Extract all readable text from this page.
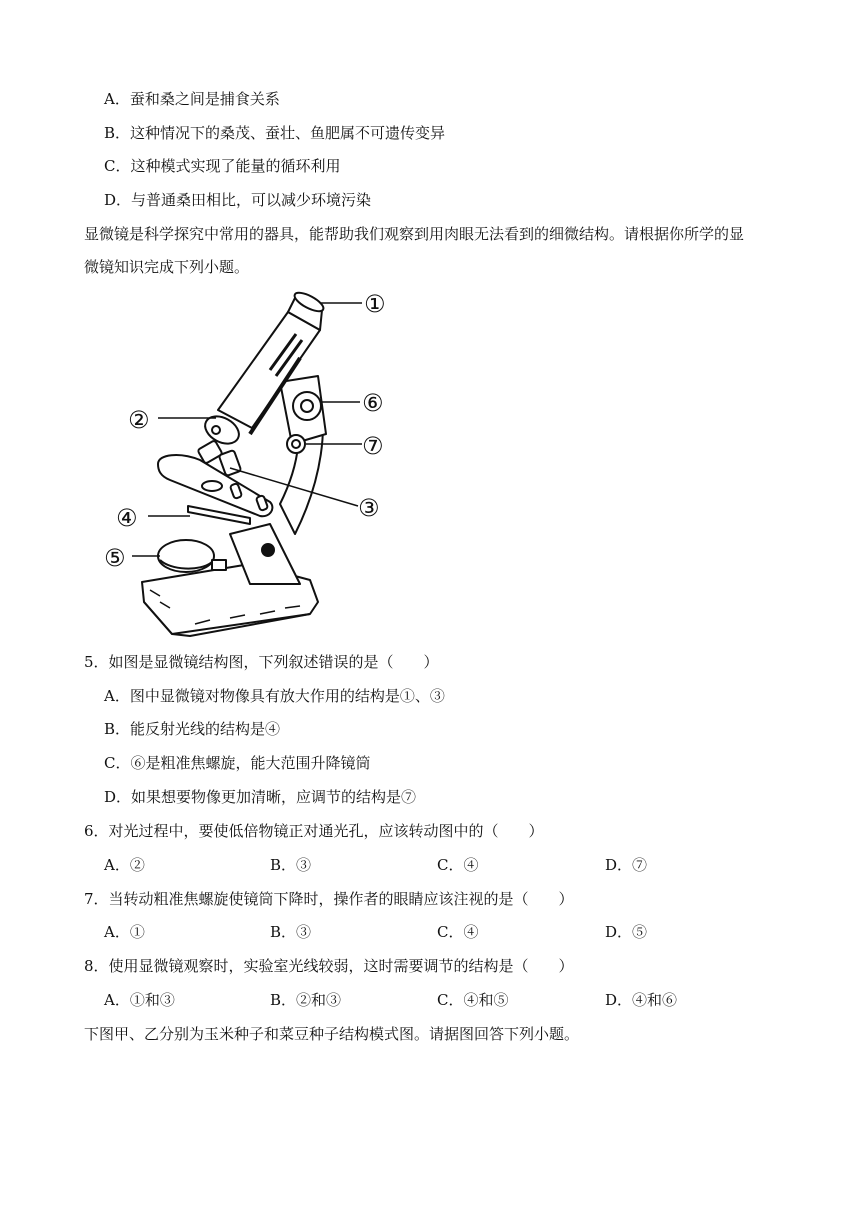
A．蚕和桑之间是捕食关系
B．这种情况下的桑茂、蚕壮、鱼肥属不可遗传变异
C．这种模式实现了能量的循环利用
D．与普通桑田相比，可以减少环境污染
显微镜是科学探究中常用的器具，能帮助我们观察到用肉眼无法看到的细微结构。请根据你所学的显
微镜知识完成下列小题。
①
②
③
④
⑤
⑥
⑦
5．如图是显微镜结构图，下列叙述错误的是（　　）
A．图中显微镜对物像具有放大作用的结构是①、③
B．能反射光线的结构是④
C．⑥是粗准焦螺旋，能大范围升降镜筒
D．如果想要物像更加清晰，应调节的结构是⑦
6．对光过程中，要使低倍物镜正对通光孔，应该转动图中的（　　）
A．②	B．③	C．④	D．⑦
7．当转动粗准焦螺旋使镜筒下降时，操作者的眼睛应该注视的是（　　）
A．①	B．③	C．④	D．⑤
8．使用显微镜观察时，实验室光线较弱，这时需要调节的结构是（　　）
A．①和③	B．②和③	C．④和⑤	D．④和⑥
下图甲、乙分别为玉米种子和菜豆种子结构模式图。请据图回答下列小题。
